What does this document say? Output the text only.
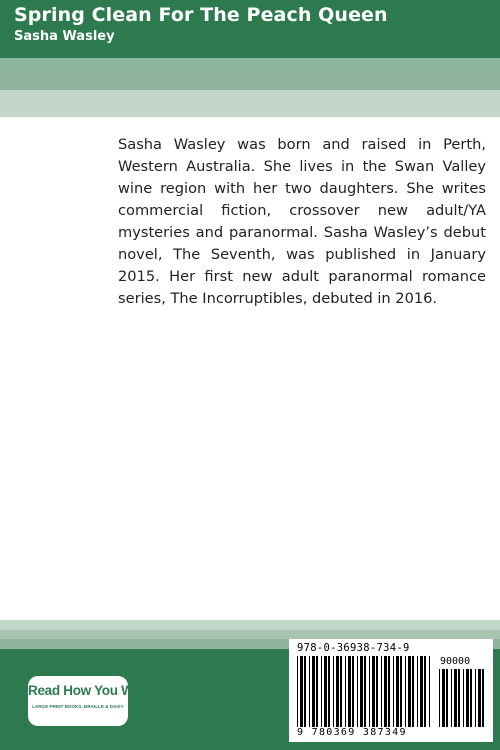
Spring Clean For The Peach Queen
Sasha Wasley

Sasha Wasley was born and raised in Perth, Western Australia. She lives in the Swan Valley wine region with her two daughters. She writes commercial fiction, crossover new adult/YA mysteries and paranormal. Sasha Wasley’s debut novel, The Seventh, was published in January 2015. Her first new adult paranormal romance series, The Incorruptibles, debuted in 2016.

Read How You Want
LARGE PRINT BOOKS, BRAILLE & DAISY
978-0-36938-734-9
90000
9 780369 387349
